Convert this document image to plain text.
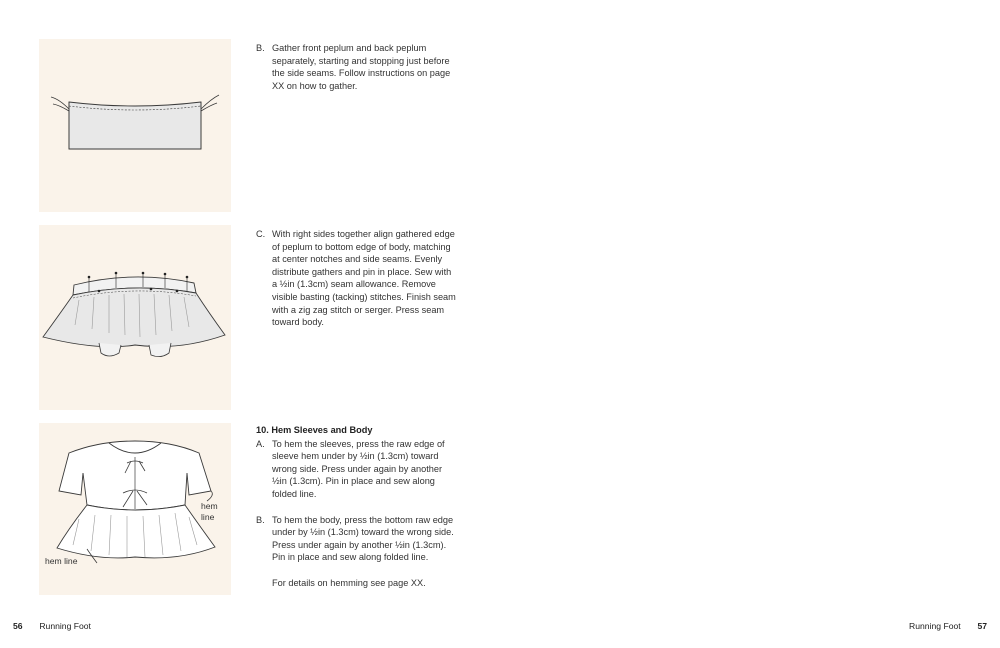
hem
line
hem line
B. Gather front peplum and back peplum separately, starting and stopping just before the side seams. Follow instructions on page XX on how to gather.
C. With right sides together align gathered edge of peplum to bottom edge of body, matching at center notches and side seams. Evenly distribute gathers and pin in place. Sew with a ½in (1.3cm) seam allowance. Remove visible basting (tacking) stitches. Finish seam with a zig zag stitch or serger. Press seam toward body.
10. Hem Sleeves and Body
A. To hem the sleeves, press the raw edge of sleeve hem under by ½in (1.3cm) toward wrong side. Press under again by another ½in (1.3cm). Pin in place and sew along folded line.
B. To hem the body, press the bottom raw edge under by ½in (1.3cm) toward the wrong side. Press under again by another ½in (1.3cm). Pin in place and sew along folded line.
For details on hemming see page XX.
56 Running Foot	Running Foot 57
